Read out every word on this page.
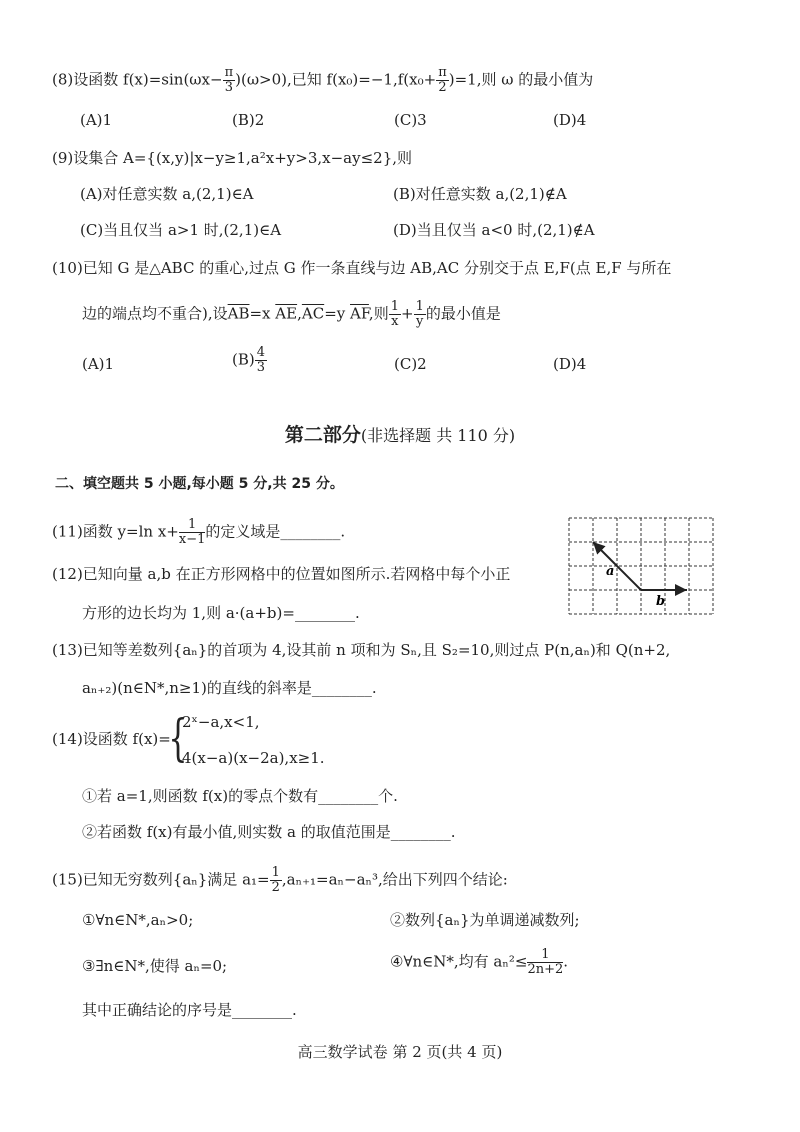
(8)设函数 $f(x)=\sin(\omega x- \frac{\pi}{3} )(\omega>0)$,已知 $f(x_0)=-1,f(x_0+ \frac{\pi}{2} )=1$,则 ω 的最小值为
(A)1	(B)2	(C)3	(D)4
(9)设集合 A={(x,y)|x−y≥1,a²x+y>3,x−ay≤2},则
(A)对任意实数 a,(2,1)∈A	(B)对任意实数 a,(2,1)∉A
(C)当且仅当 a>1 时,(2,1)∈A	(D)当且仅当 a<0 时,(2,1)∉A
(10)已知 G 是△ABC 的重心,过点 G 作一条直线与边 AB,AC 分别交于点 E,F(点 E,F 与所在
边的端点均不重合),设$\overline{AB}=x$ $\overline{AE},\overline{AC}=y$ $\overline{AF}$,则 $\frac{1}{x} + \frac{1}{y}$ 的最小值是
(A)1	$(B) \frac{4}{3}$	(C)2	(D)4
第二部分(非选择题 共 110 分)
二、填空题共 5 小题,每小题 5 分,共 25 分。
(11)函数 y=ln $x+ \frac{1}{x-1}$ 的定义域是________.
(12)已知向量 a,b 在正方形网格中的位置如图所示.若网格中每个小正
方形的边长均为 1,则 a·(a+b)=________.
a
b
(13)已知等差数列{aₙ}的首项为 4,设其前 n 项和为 Sₙ,且 S₂=10,则过点 P(n,aₙ)和 Q(n+2,
aₙ₊₂)(n∈N*,n≥1)的直线的斜率是________.
(14)设函数 f(x)=
{
2ˣ−a,x<1,
4(x−a)(x−2a),x≥1.
①若 a=1,则函数 f(x)的零点个数有________个.
②若函数 f(x)有最小值,则实数 a 的取值范围是________.
(15)已知无穷数列{aₙ}满足 $a_1= \frac{1}{2} ,a_{n+1}=a_n-a_n^3$,给出下列四个结论:
①∀n∈N*,aₙ>0;	②数列{aₙ}为单调递减数列;
③∃n∈N*,使得 aₙ=0;	④∀n∈N*,均有 $a_n^2\le \frac{1}{2n+2}$ .
其中正确结论的序号是________.
高三数学试卷 第 2 页(共 4 页)
